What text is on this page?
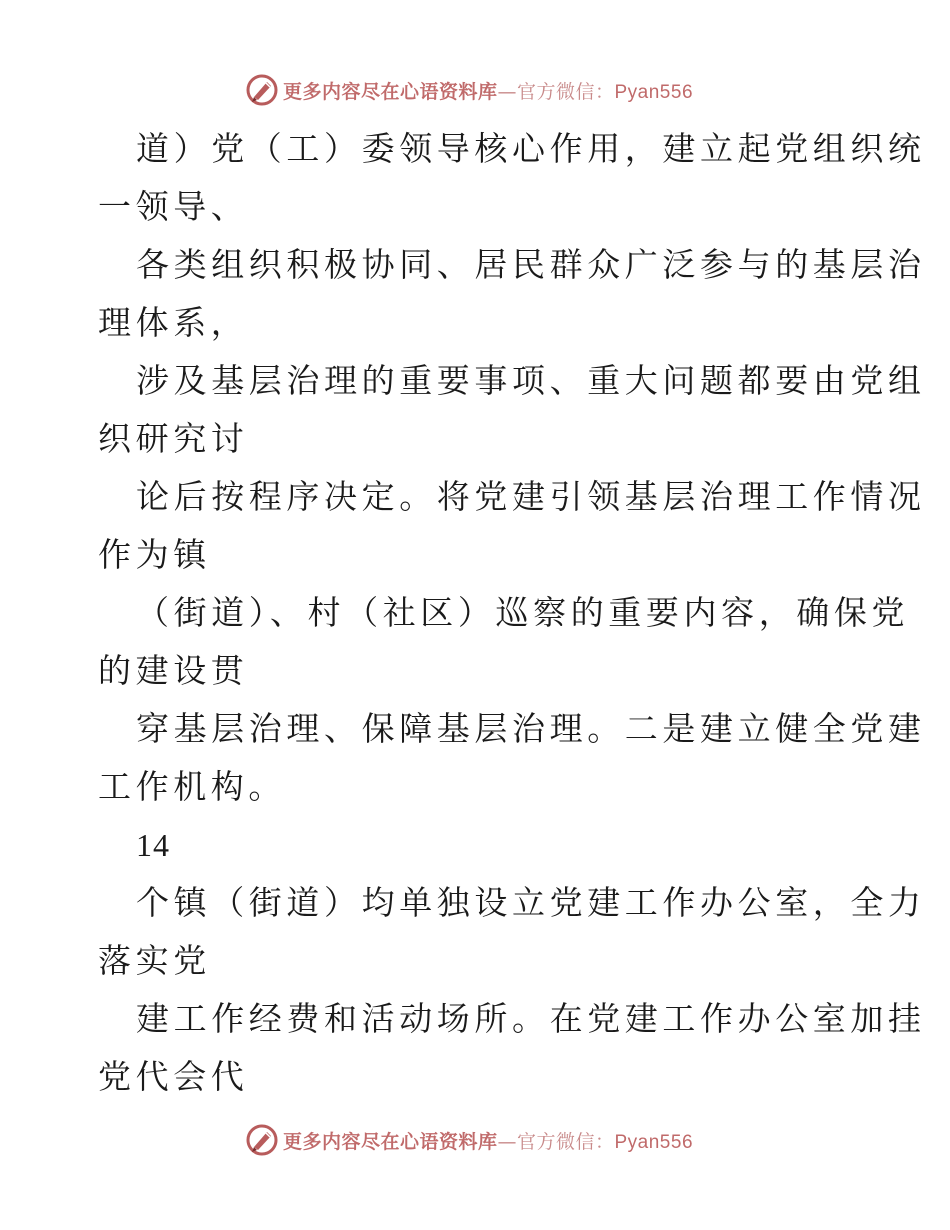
更多内容尽在心语资料库—官方微信：Pyan556
道）党（工）委领导核心作用，建立起党组织统
一领导、
各类组织积极协同、居民群众广泛参与的基层治
理体系，
涉及基层治理的重要事项、重大问题都要由党组
织研究讨
论后按程序决定。将党建引领基层治理工作情况
作为镇
（街道）、村（社区）巡察的重要内容，确保党
的建设贯
穿基层治理、保障基层治理。二是建立健全党建
工作机构。
14
个镇（街道）均单独设立党建工作办公室，全力
落实党
建工作经费和活动场所。在党建工作办公室加挂
党代会代
更多内容尽在心语资料库—官方微信：Pyan556
